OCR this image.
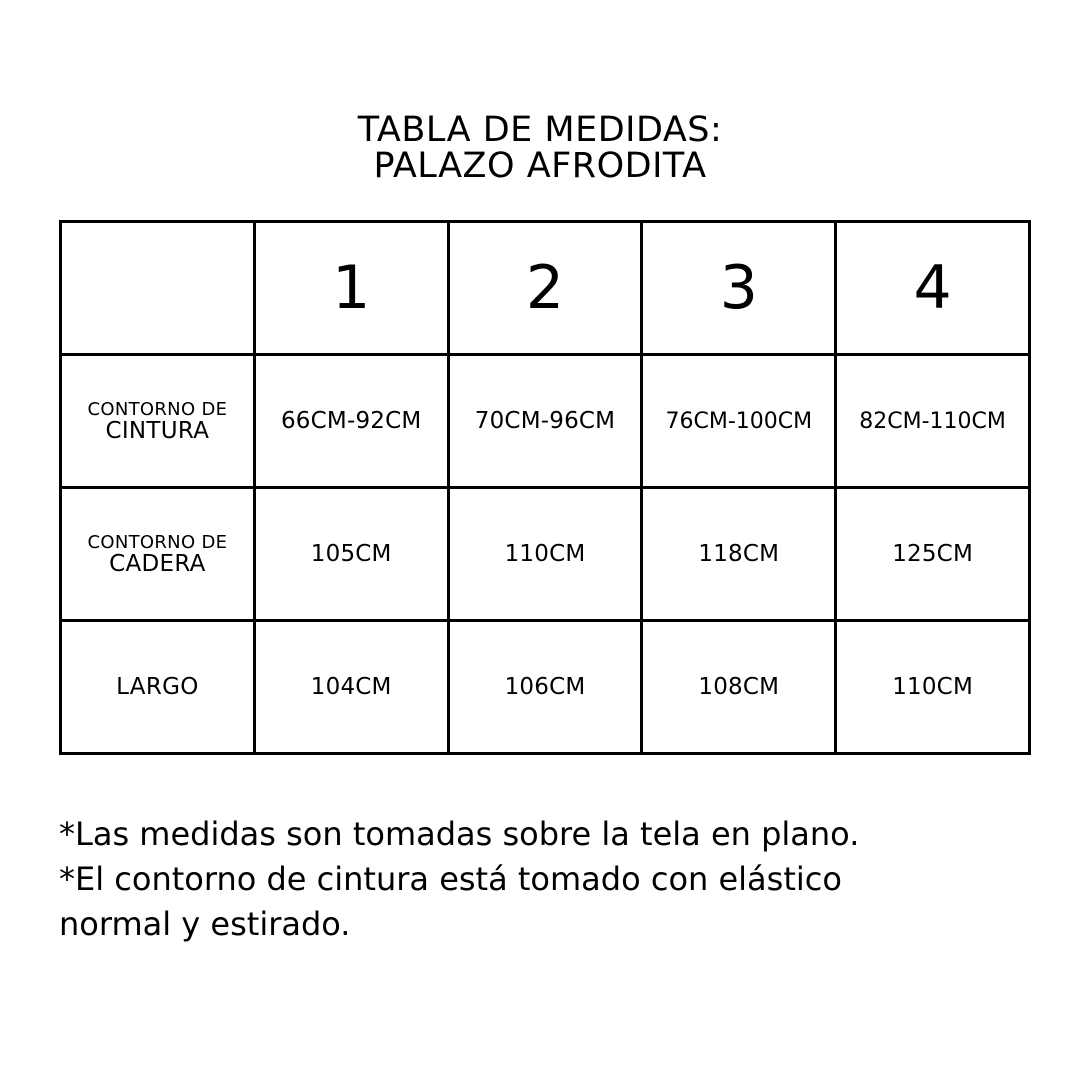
TABLA DE MEDIDAS:
PALAZO AFRODITA
	1	2	3	4

CONTORNO DE
CINTURA	66CM-92CM	70CM-96CM	76CM-100CM	82CM-110CM

CONTORNO DE
CADERA	105CM	110CM	118CM	125CM
LARGO	104CM	106CM	108CM	110CM
*Las medidas son tomadas sobre la tela en plano.
*El contorno de cintura está tomado con elástico
normal y estirado.
